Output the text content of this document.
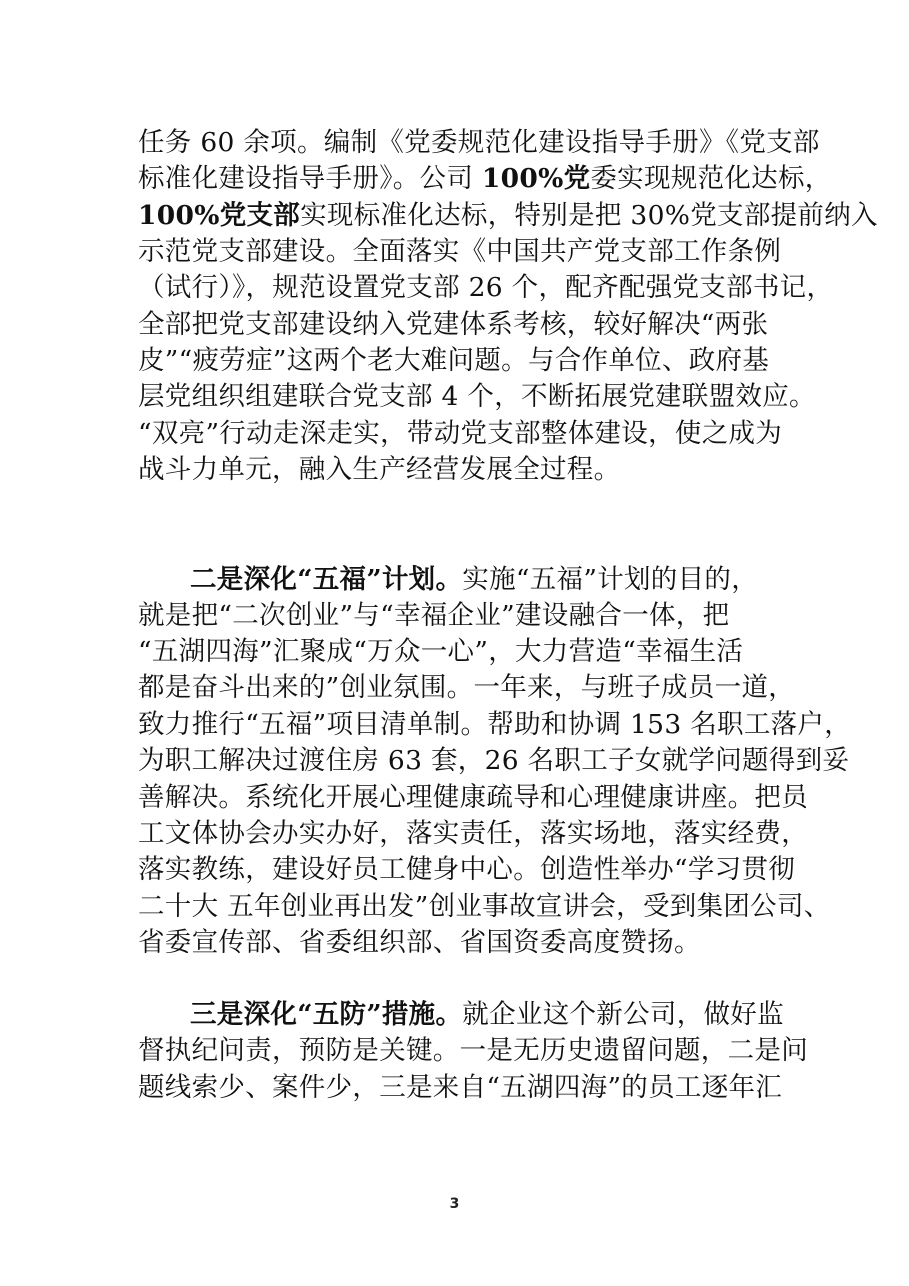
任务 60 余项。编制《党委规范化建设指导手册》《党支部
标准化建设指导手册》。公司 100%党委实现规范化达标，
100%党支部实现标准化达标，特别是把 30%党支部提前纳入
示范党支部建设。全面落实《中国共产党支部工作条例
（试行）》，规范设置党支部 26 个，配齐配强党支部书记，
全部把党支部建设纳入党建体系考核，较好解决“两张
皮”“疲劳症”这两个老大难问题。与合作单位、政府基
层党组织组建联合党支部 4 个，不断拓展党建联盟效应。
“双亮”行动走深走实，带动党支部整体建设，使之成为
战斗力单元，融入生产经营发展全过程。
二是深化“五福”计划。实施“五福”计划的目的，
就是把“二次创业”与“幸福企业”建设融合一体，把
“五湖四海”汇聚成“万众一心”，大力营造“幸福生活
都是奋斗出来的”创业氛围。一年来，与班子成员一道，
致力推行“五福”项目清单制。帮助和协调 153 名职工落户，
为职工解决过渡住房 63 套，26 名职工子女就学问题得到妥
善解决。系统化开展心理健康疏导和心理健康讲座。把员
工文体协会办实办好，落实责任，落实场地，落实经费，
落实教练，建设好员工健身中心。创造性举办“学习贯彻
二十大 五年创业再出发”创业事故宣讲会，受到集团公司、
省委宣传部、省委组织部、省国资委高度赞扬。
三是深化“五防”措施。就企业这个新公司，做好监
督执纪问责，预防是关键。一是无历史遗留问题，二是问
题线索少、案件少，三是来自“五湖四海”的员工逐年汇
3
